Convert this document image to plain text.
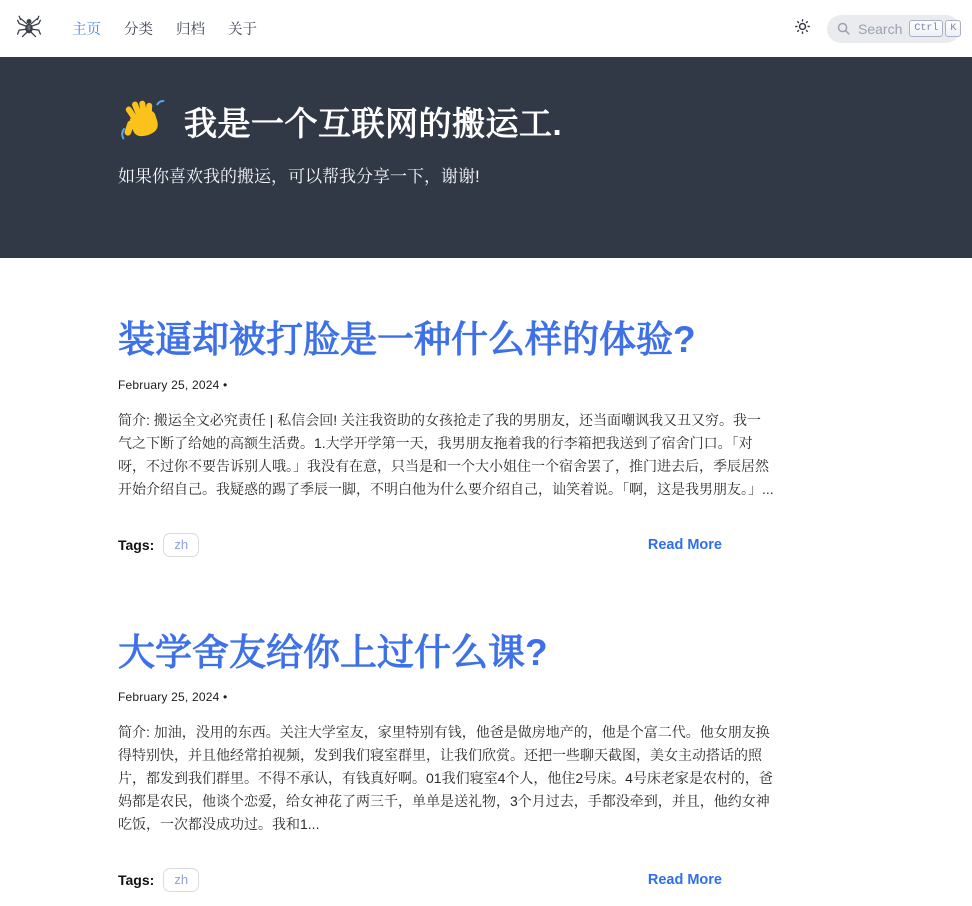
主页 分类 归档 关于	Search	Ctrl	K
我是一个互联网的搬运工.

如果你喜欢我的搬运，可以帮我分享一下，谢谢!

装逼却被打脸是一种什么样的体验?
February 25, 2024 •

简介: 搬运全文必究责任 | 私信会回! 关注我资助的女孩抢走了我的男朋友，还当面嘲讽我又丑又穷。我一气之下断了给她的高额生活费。1.大学开学第一天，我男朋友拖着我的行李箱把我送到了宿舍门口。「对呀，不过你不要告诉别人哦。」我没有在意，只当是和一个大小姐住一个宿舍罢了，推门进去后，季辰居然开始介绍自己。我疑惑的踢了季辰一脚，不明白他为什么要介绍自己，讪笑着说。「啊，这是我男朋友。」...

Tags:	zh	Read More
大学舍友给你上过什么课?
February 25, 2024 •

简介: 加油，没用的东西。关注大学室友，家里特别有钱，他爸是做房地产的，他是个富二代。他女朋友换得特别快，并且他经常拍视频，发到我们寝室群里，让我们欣赏。还把一些聊天截图，美女主动搭话的照片，都发到我们群里。不得不承认，有钱真好啊。01我们寝室4个人，他住2号床。4号床老家是农村的，爸妈都是农民，他谈个恋爱，给女神花了两三千，单单是送礼物，3个月过去，手都没牵到，并且，他约女神吃饭，一次都没成功过。我和1...

Tags:	zh	Read More
